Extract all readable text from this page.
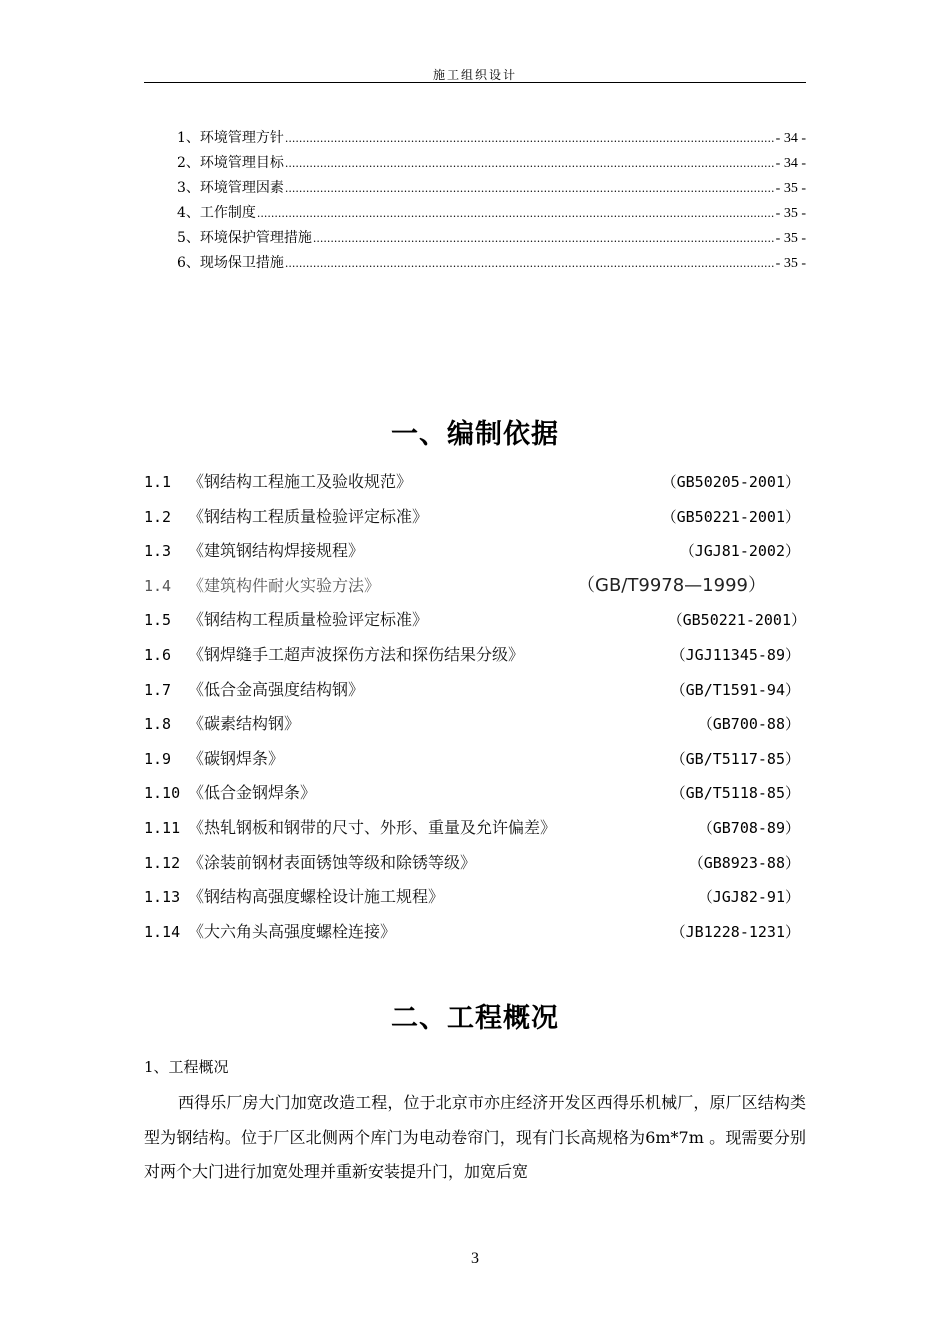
施工组织设计
1、环境管理方针 .....	- 34 -
2、环境管理目标 .....	- 34 -
3、环境管理因素 .....	- 35 -
4、工作制度 .....	- 35 -
5、环境保护管理措施 .....	- 35 -
6、现场保卫措施 .....	- 35 -
一、编制依据
1.1 《钢结构工程施工及验收规范》	（GB50205-2001）
1.2 《钢结构工程质量检验评定标准》	（GB50221-2001）
1.3 《建筑钢结构焊接规程》	（JGJ81-2002）
1.4 《建筑构件耐火实验方法》	（GB/T9978—1999）
1.5 《钢结构工程质量检验评定标准》	（GB50221-2001）
1.6 《钢焊缝手工超声波探伤方法和探伤结果分级》	（JGJ11345-89）
1.7 《低合金高强度结构钢》	（GB/T1591-94）
1.8 《碳素结构钢》	（GB700-88）
1.9 《碳钢焊条》	（GB/T5117-85）
1.10 《低合金钢焊条》	（GB/T5118-85）
1.11 《热轧钢板和钢带的尺寸、外形、重量及允许偏差》	（GB708-89）
1.12 《涂装前钢材表面锈蚀等级和除锈等级》	（GB8923-88）
1.13 《钢结构高强度螺栓设计施工规程》	（JGJ82-91）
1.14 《大六角头高强度螺栓连接》	（JB1228-1231）
二、工程概况
1、工程概况
西得乐厂房大门加宽改造工程，位于北京市亦庄经济开发区西得乐机械厂，原厂区结构类型为钢结构。位于厂区北侧两个库门为电动卷帘门，现有门长高规格为6m*7m 。现需要分别对两个大门进行加宽处理并重新安装提升门，加宽后宽
3
